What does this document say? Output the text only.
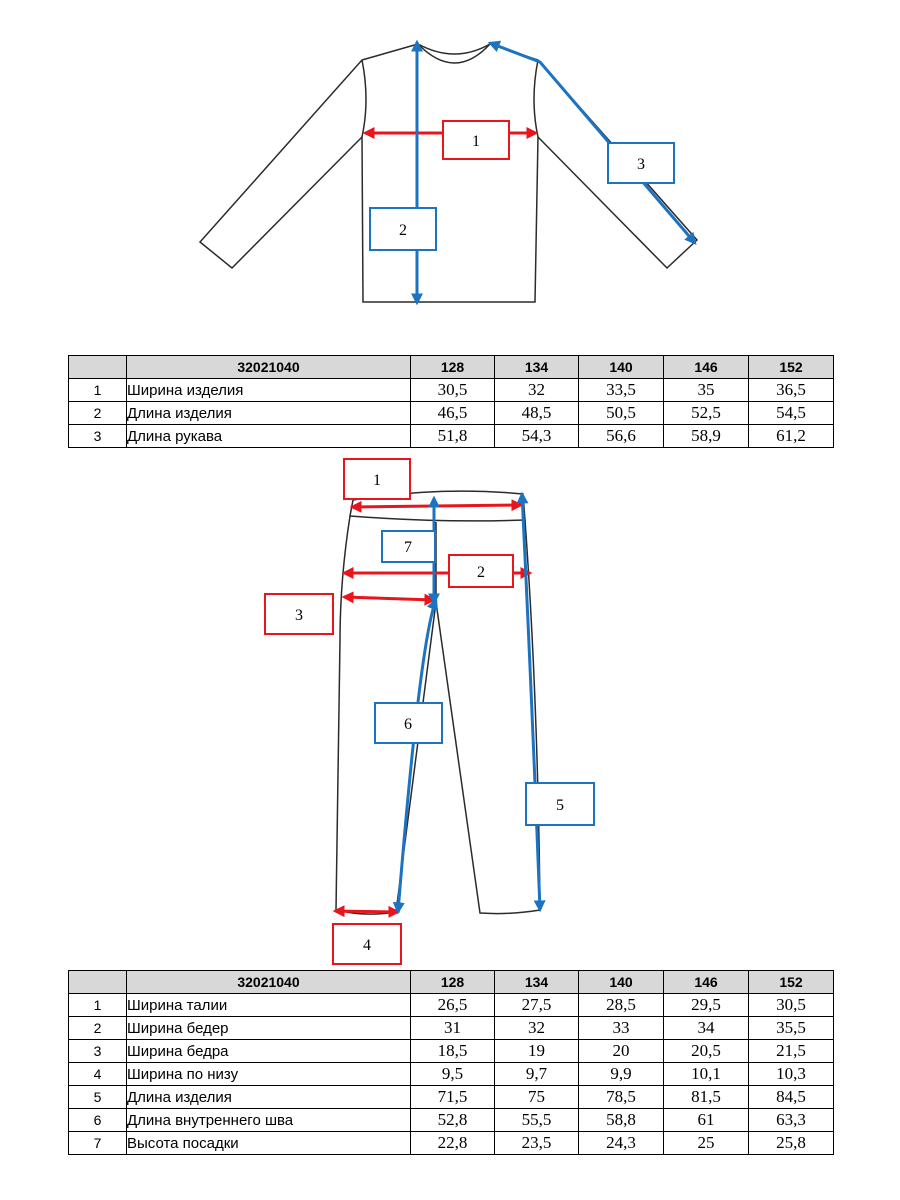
1
2
3
	32021040	128	134	140	146	152
1	Ширина изделия	30,5	32	33,5	35	36,5
2	Длина изделия	46,5	48,5	50,5	52,5	54,5
3	Длина рукава	51,8	54,3	56,6	58,9	61,2
1
2
3
4
5
6
7
	32021040	128	134	140	146	152
1	Ширина талии	26,5	27,5	28,5	29,5	30,5
2	Ширина бедер	31	32	33	34	35,5
3	Ширина бедра	18,5	19	20	20,5	21,5
4	Ширина по низу	9,5	9,7	9,9	10,1	10,3
5	Длина изделия	71,5	75	78,5	81,5	84,5
6	Длина внутреннего шва	52,8	55,5	58,8	61	63,3
7	Высота посадки	22,8	23,5	24,3	25	25,8
